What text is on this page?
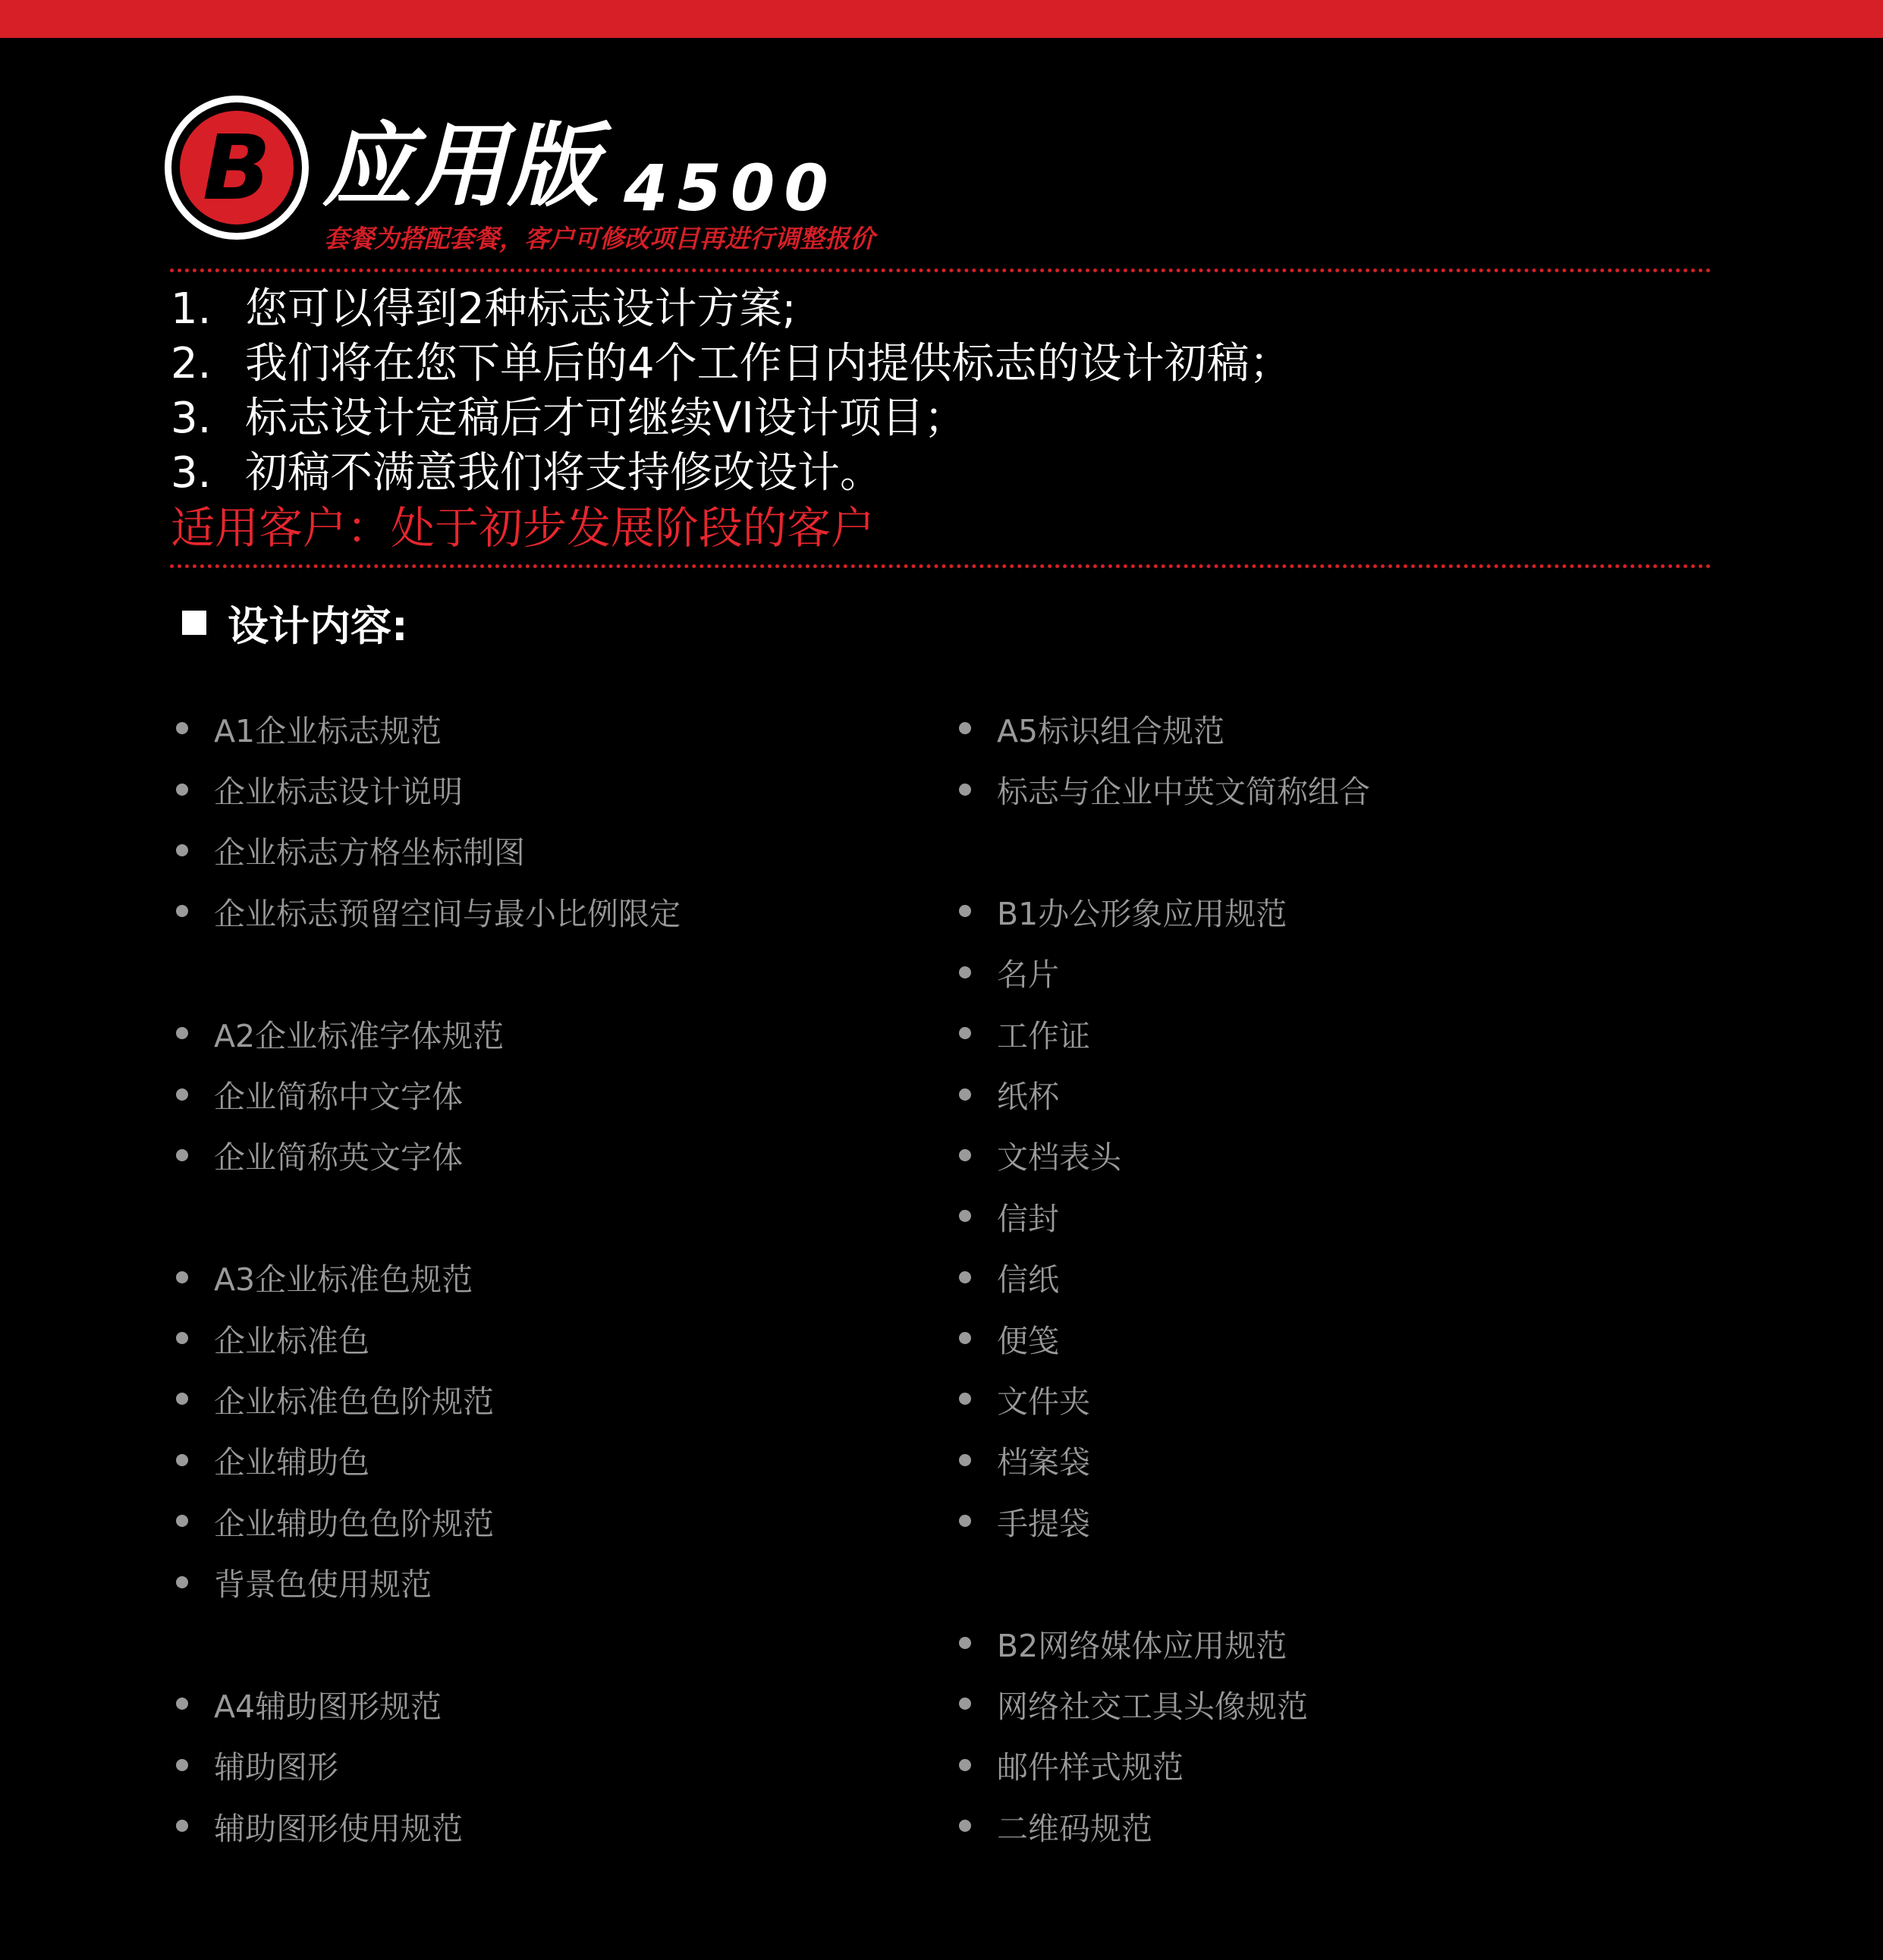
B 应用版 4500
套餐为搭配套餐，客户可修改项目再进行调整报价
1. 您可以得到2种标志设计方案;
2. 我们将在您下单后的4个工作日内提供标志的设计初稿；
3. 标志设计定稿后才可继续VI设计项目；
3. 初稿不满意我们将支持修改设计。
适用客户：处于初步发展阶段的客户
设计内容:
A1企业标志规范
企业标志设计说明
企业标志方格坐标制图
企业标志预留空间与最小比例限定
A2企业标准字体规范
企业简称中文字体
企业简称英文字体
A3企业标准色规范
企业标准色
企业标准色色阶规范
企业辅助色
企业辅助色色阶规范
背景色使用规范
A4辅助图形规范
辅助图形
辅助图形使用规范
A5标识组合规范
标志与企业中英文简称组合
B1办公形象应用规范
名片
工作证
纸杯
文档表头
信封
信纸
便笺
文件夹
档案袋
手提袋
B2网络媒体应用规范
网络社交工具头像规范
邮件样式规范
二维码规范
